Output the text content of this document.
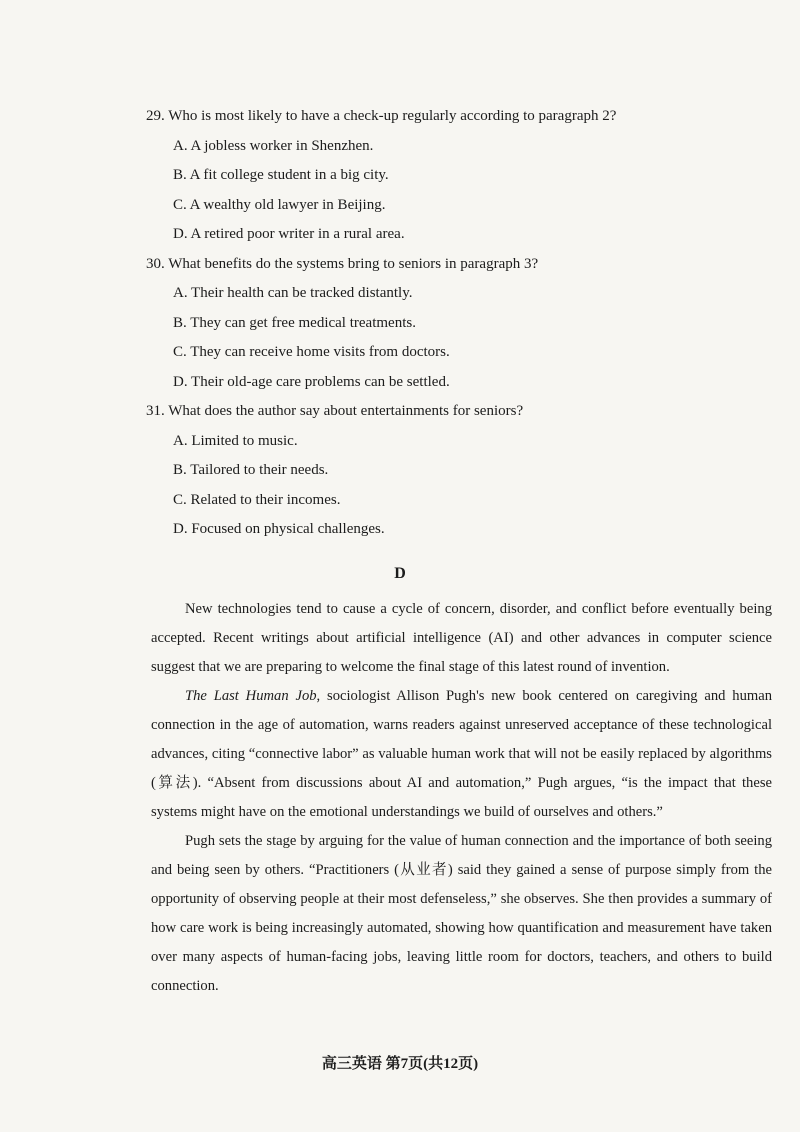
29. Who is most likely to have a check-up regularly according to paragraph 2?
A. A jobless worker in Shenzhen.
B. A fit college student in a big city.
C. A wealthy old lawyer in Beijing.
D. A retired poor writer in a rural area.
30. What benefits do the systems bring to seniors in paragraph 3?
A. Their health can be tracked distantly.
B. They can get free medical treatments.
C. They can receive home visits from doctors.
D. Their old-age care problems can be settled.
31. What does the author say about entertainments for seniors?
A. Limited to music.
B. Tailored to their needs.
C. Related to their incomes.
D. Focused on physical challenges.
D

New technologies tend to cause a cycle of concern, disorder, and conflict before eventually being accepted. Recent writings about artificial intelligence (AI) and other advances in computer science suggest that we are preparing to welcome the final stage of this latest round of invention.

The Last Human Job, sociologist Allison Pugh's new book centered on caregiving and human connection in the age of automation, warns readers against unreserved acceptance of these technological advances, citing “connective labor” as valuable human work that will not be easily replaced by algorithms (算法). “Absent from discussions about AI and automation,” Pugh argues, “is the impact that these systems might have on the emotional understandings we build of ourselves and others.”

Pugh sets the stage by arguing for the value of human connection and the importance of both seeing and being seen by others. “Practitioners (从业者) said they gained a sense of purpose simply from the opportunity of observing people at their most defenseless,” she observes. She then provides a summary of how care work is being increasingly automated, showing how quantification and measurement have taken over many aspects of human-facing jobs, leaving little room for doctors, teachers, and others to build connection.

高三英语 第7页(共12页)
